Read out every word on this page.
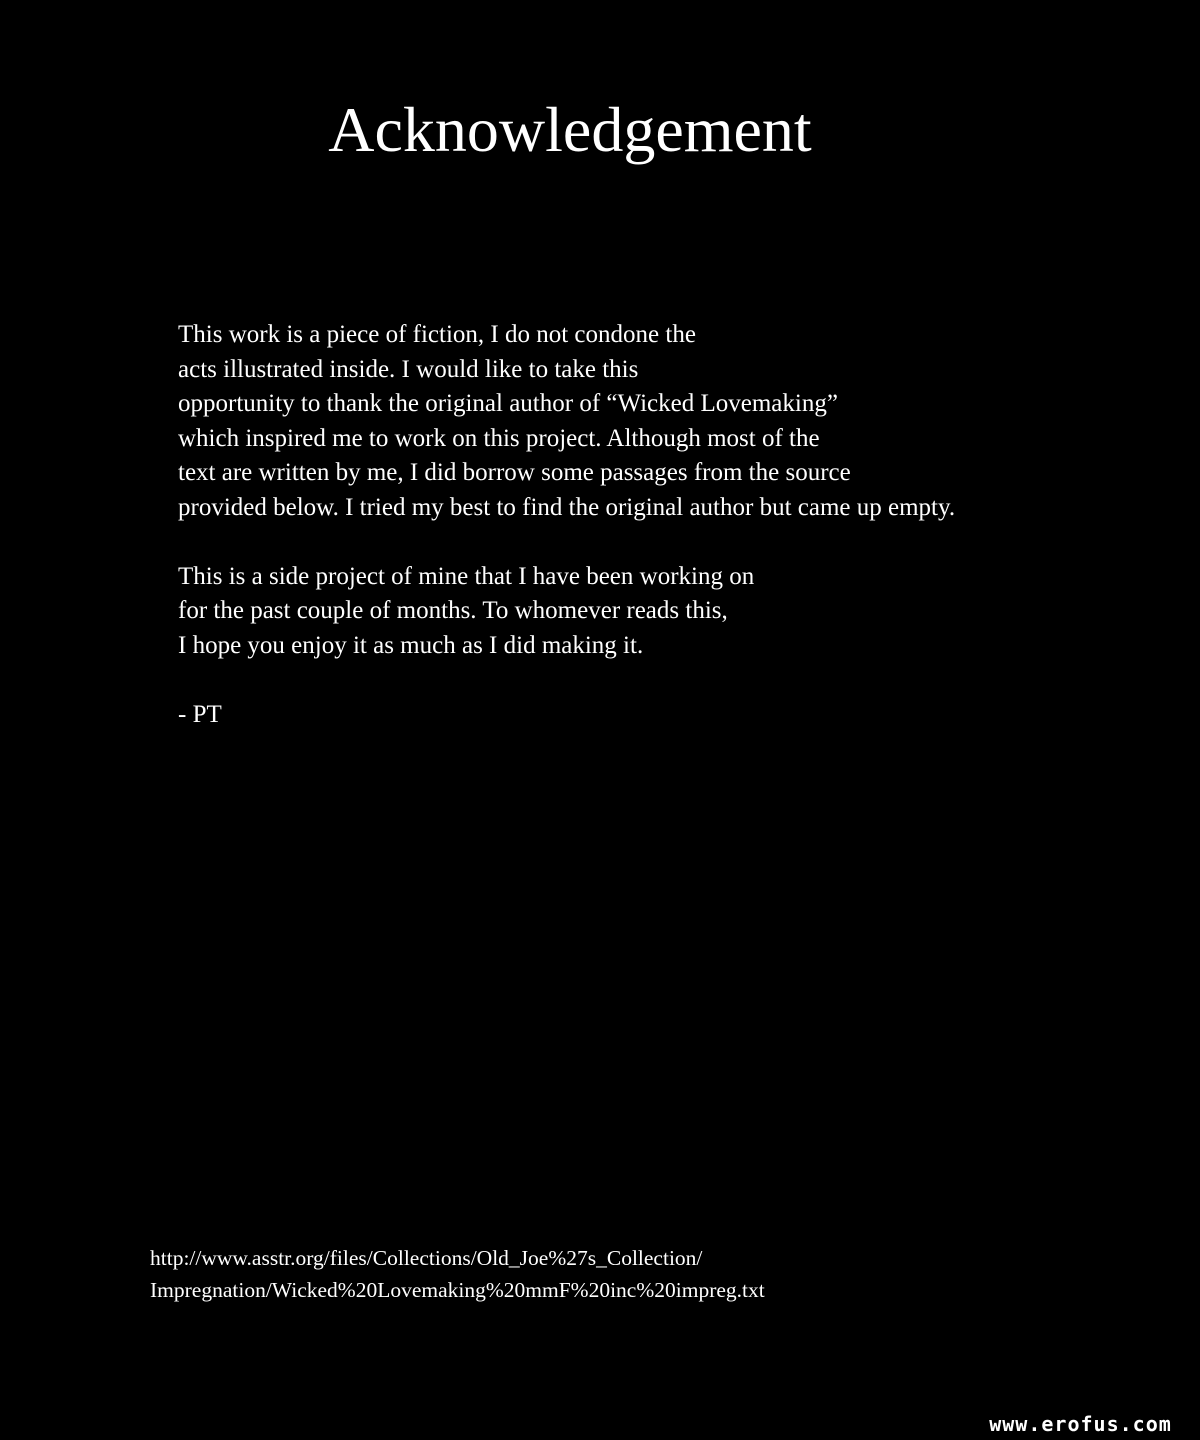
Acknowledgement
This work is a piece of fiction, I do not condone the
acts illustrated inside. I would like to take this
opportunity to thank the original author of “Wicked Lovemaking”
which inspired me to work on this project. Although most of the
text are written by me, I did borrow some passages from the source
provided below. I tried my best to find the original author but came up empty.
This is a side project of mine that I have been working on
for the past couple of months. To whomever reads this,
I hope you enjoy it as much as I did making it.
- PT
http://www.asstr.org/files/Collections/Old_Joe%27s_Collection/
Impregnation/Wicked%20Lovemaking%20mmF%20inc%20impreg.txt
www.erofus.com
